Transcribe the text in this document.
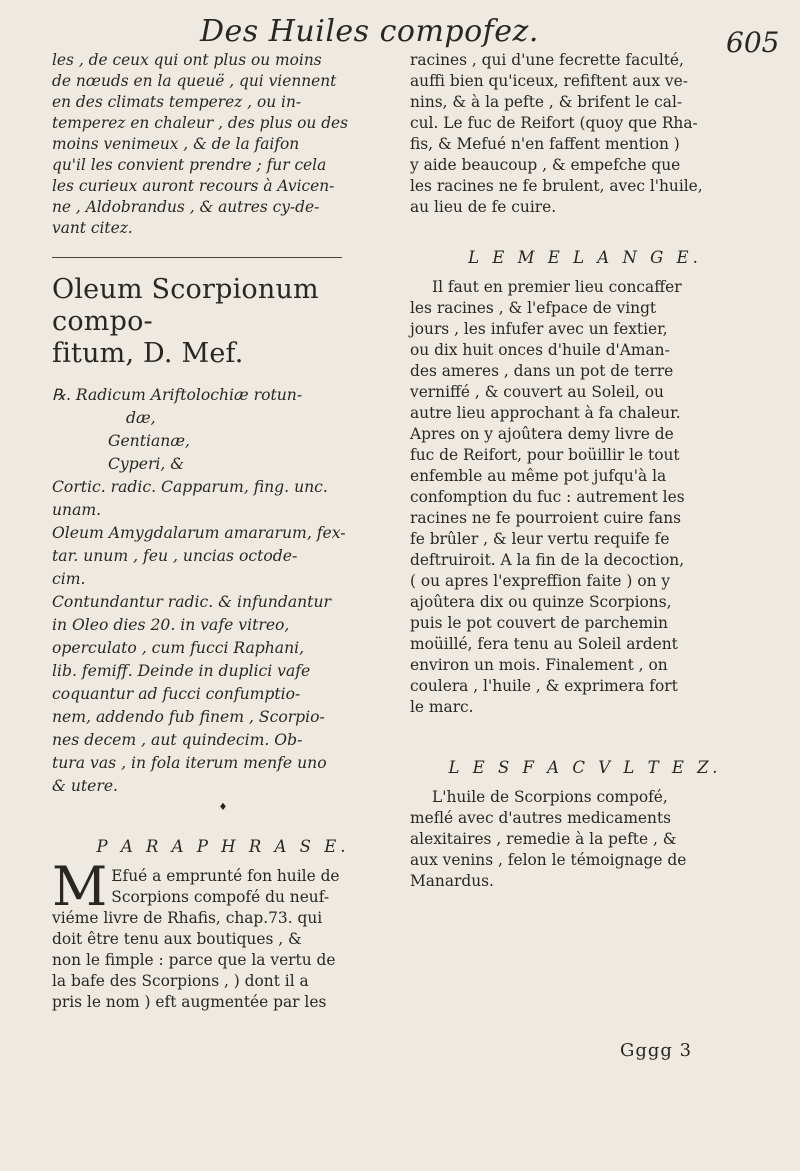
Des Huiles compofez.	605
les , de ceux qui ont plus ou moins
de nœuds en la queuë , qui viennent
en des climats temperez , ou in-
temperez en chaleur , des plus ou des
moins venimeux , & de la faifon
qu'il les convient prendre ; fur cela
les curieux auront recours à Avicen-
ne , Aldobrandus , & autres cy-de-
vant citez.
Oleum Scorpionum compo-
fitum, D. Mef.
℞. Radicum Ariftolochiæ rotun-
dæ,
Gentianæ,
Cyperi, &
Cortic. radic. Capparum, fing. unc.
unam.
Oleum Amygdalarum amararum, fex-
tar. unum , feu , uncias octode-
cim.
Contundantur radic. & infundantur
in Oleo dies 20. in vafe vitreo,
operculato , cum fucci Raphani,
lib. femiff. Deinde in duplici vafe
coquantur ad fucci confumptio-
nem, addendo fub finem , Scorpio-
nes decem , aut quindecim. Ob-
tura vas , in fola iterum menfe uno
& utere.
♦
P A R A P H R A S E.
M Efué a emprunté fon huile de
Scorpions compofé du neuf-
viéme livre de Rhafis, chap.73. qui
doit être tenu aux boutiques , &
non le fimple : parce que la vertu de
la bafe des Scorpions , ) dont il a
pris le nom ) eft augmentée par les
racines , qui d'une fecrette faculté,
auffi bien qu'iceux, refiftent aux ve-
nins, & à la pefte , & brifent le cal-
cul. Le fuc de Reifort (quoy que Rha-
fis, & Mefué n'en faffent mention )
y aide beaucoup , & empefche que
les racines ne fe brulent, avec l'huile,
au lieu de fe cuire.
L E M E L A N G E.
Il faut en premier lieu concaffer
les racines , & l'efpace de vingt
jours , les infufer avec un fextier,
ou dix huit onces d'huile d'Aman-
des ameres , dans un pot de terre
verniffé , & couvert au Soleil, ou
autre lieu approchant à fa chaleur.
Apres on y ajoûtera demy livre de
fuc de Reifort, pour boüillir le tout
enfemble au même pot jufqu'à la
confomption du fuc : autrement les
racines ne fe pourroient cuire fans
fe brûler , & leur vertu requife fe
deftruiroit. A la fin de la decoction,
( ou apres l'expreffion faite ) on y
ajoûtera dix ou quinze Scorpions,
puis le pot couvert de parchemin
moüillé, fera tenu au Soleil ardent
environ un mois. Finalement , on
coulera , l'huile , & exprimera fort
le marc.
L E S F A C V L T E Z.
L'huile de Scorpions compofé,
meflé avec d'autres medicaments
alexitaires , remedie à la pefte , &
aux venins , felon le témoignage de
Manardus.
Gggg 3
